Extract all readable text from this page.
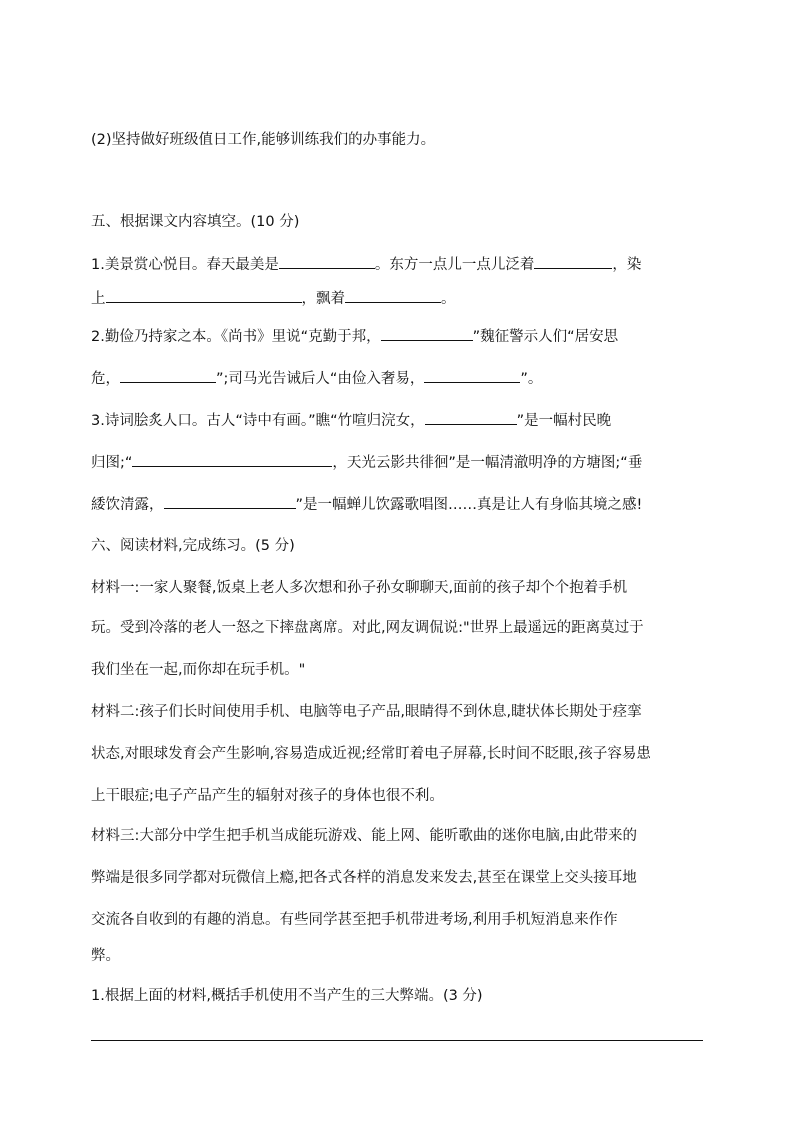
(2)坚持做好班级值日工作,能够训练我们的办事能力。
五、根据课文内容填空。(10 分)
1.美景赏心悦目。春天最美是	。东方一点儿一点儿泛着	，染
上	，飘着	。
2.勤俭乃持家之本。《尚书》里说“克勤于邦，	”魏征警示人们“居安思
危，	”;司马光告诫后人“由俭入奢易，	”。
3.诗词脍炙人口。古人“诗中有画。”瞧“竹喧归浣女，	”是一幅村民晚
归图;“	，天光云影共徘徊”是一幅清澈明净的方塘图;“垂
緌饮清露，	”是一幅蝉儿饮露歌唱图……真是让人有身临其境之感!
六、阅读材料,完成练习。(5 分)
材料一:一家人聚餐,饭桌上老人多次想和孙子孙女聊聊天,面前的孩子却个个抱着手机
玩。受到冷落的老人一怒之下摔盘离席。对此,网友调侃说:"世界上最遥远的距离莫过于
我们坐在一起,而你却在玩手机。"
材料二:孩子们长时间使用手机、电脑等电子产品,眼睛得不到休息,睫状体长期处于痉挛
状态,对眼球发育会产生影响,容易造成近视;经常盯着电子屏幕,长时间不眨眼,孩子容易患
上干眼症;电子产品产生的辐射对孩子的身体也很不利。
材料三:大部分中学生把手机当成能玩游戏、能上网、能听歌曲的迷你电脑,由此带来的
弊端是很多同学都对玩微信上瘾,把各式各样的消息发来发去,甚至在课堂上交头接耳地
交流各自收到的有趣的消息。有些同学甚至把手机带进考场,利用手机短消息来作作
弊。
1.根据上面的材料,概括手机使用不当产生的三大弊端。(3 分)
